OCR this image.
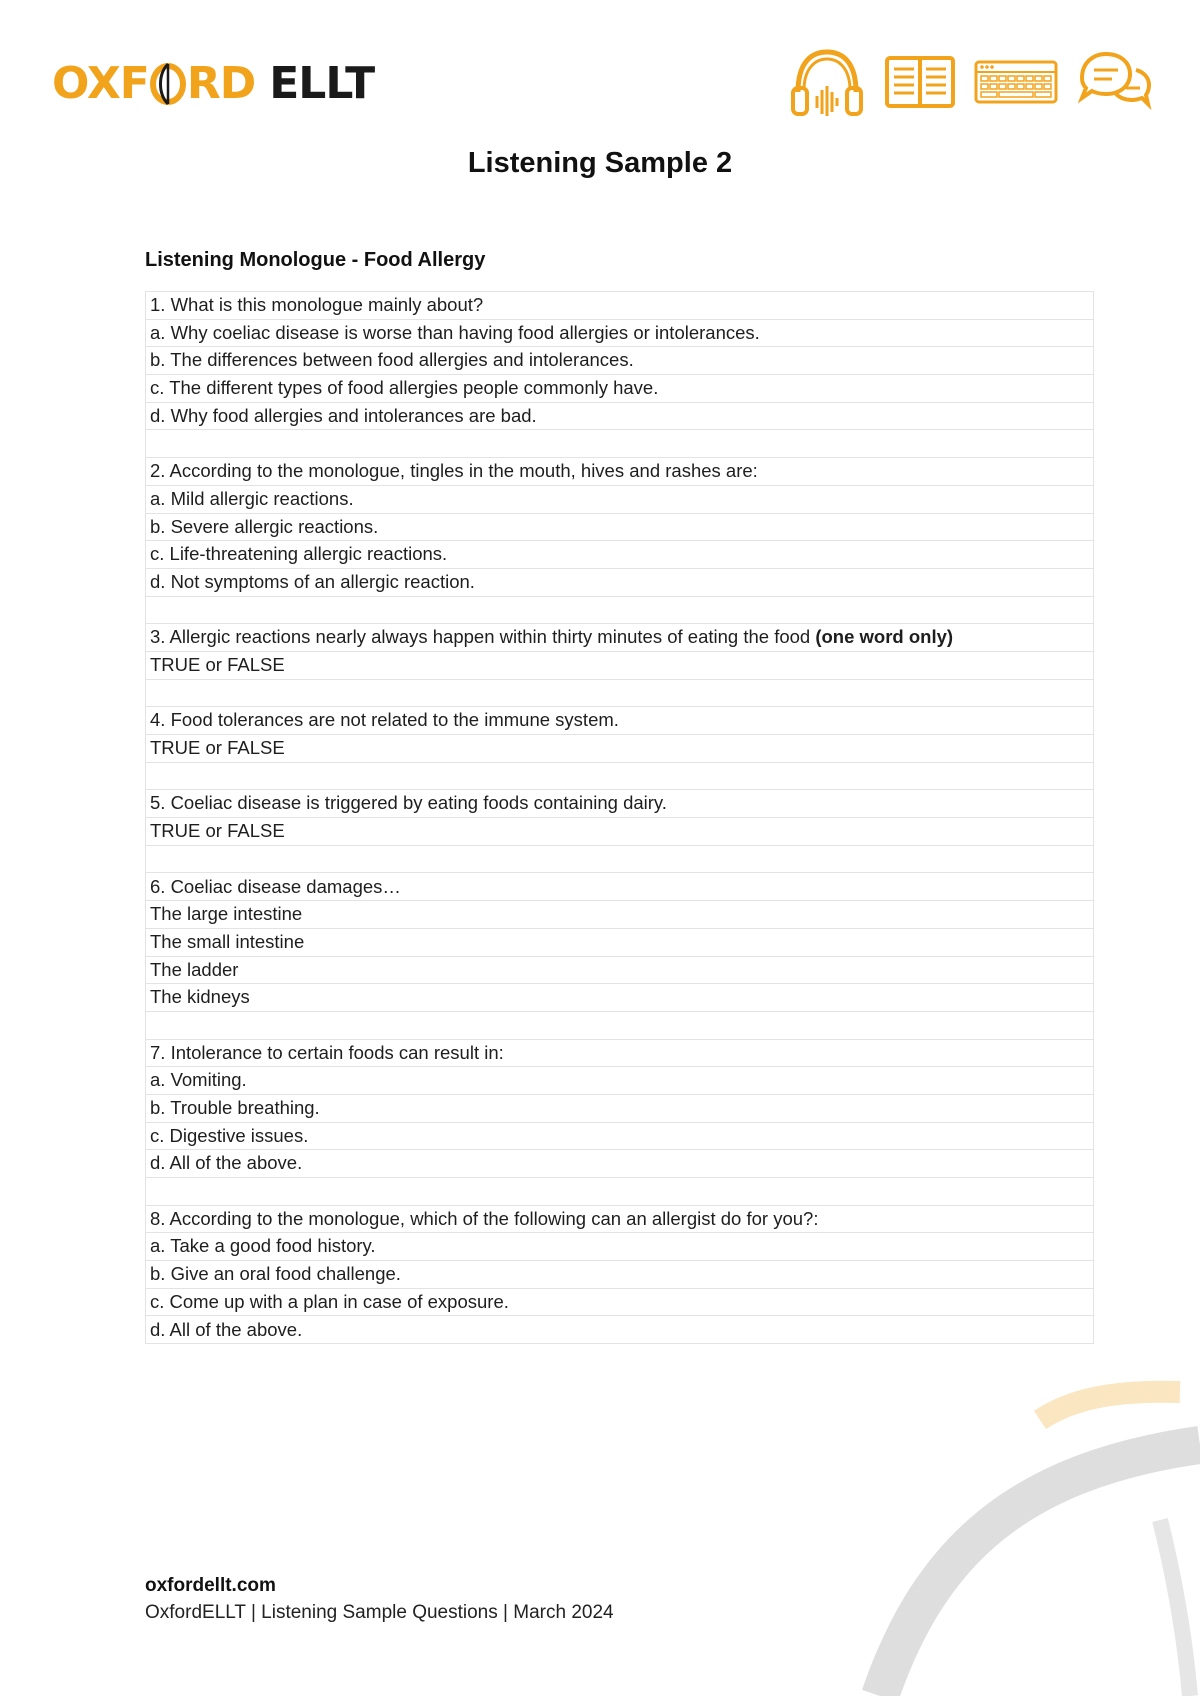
OXF RD ELLT
Listening Sample 2
Listening Monologue - Food Allergy
1. What is this monologue mainly about?
a. Why coeliac disease is worse than having food allergies or intolerances.
b. The differences between food allergies and intolerances.
c. The different types of food allergies people commonly have.
d. Why food allergies and intolerances are bad.

2. According to the monologue, tingles in the mouth, hives and rashes are:
a. Mild allergic reactions.
b. Severe allergic reactions.
c. Life-threatening allergic reactions.
d. Not symptoms of an allergic reaction.

3. Allergic reactions nearly always happen within thirty minutes of eating the food (one word only)
TRUE or FALSE

4. Food tolerances are not related to the immune system.
TRUE or FALSE

5. Coeliac disease is triggered by eating foods containing dairy.
TRUE or FALSE

6. Coeliac disease damages…
The large intestine
The small intestine
The ladder
The kidneys

7. Intolerance to certain foods can result in:
a. Vomiting.
b. Trouble breathing.
c. Digestive issues.
d. All of the above.

8. According to the monologue, which of the following can an allergist do for you?:
a. Take a good food history.
b. Give an oral food challenge.
c. Come up with a plan in case of exposure.
d. All of the above.
oxfordellt.com
OxfordELLT | Listening Sample Questions | March 2024
